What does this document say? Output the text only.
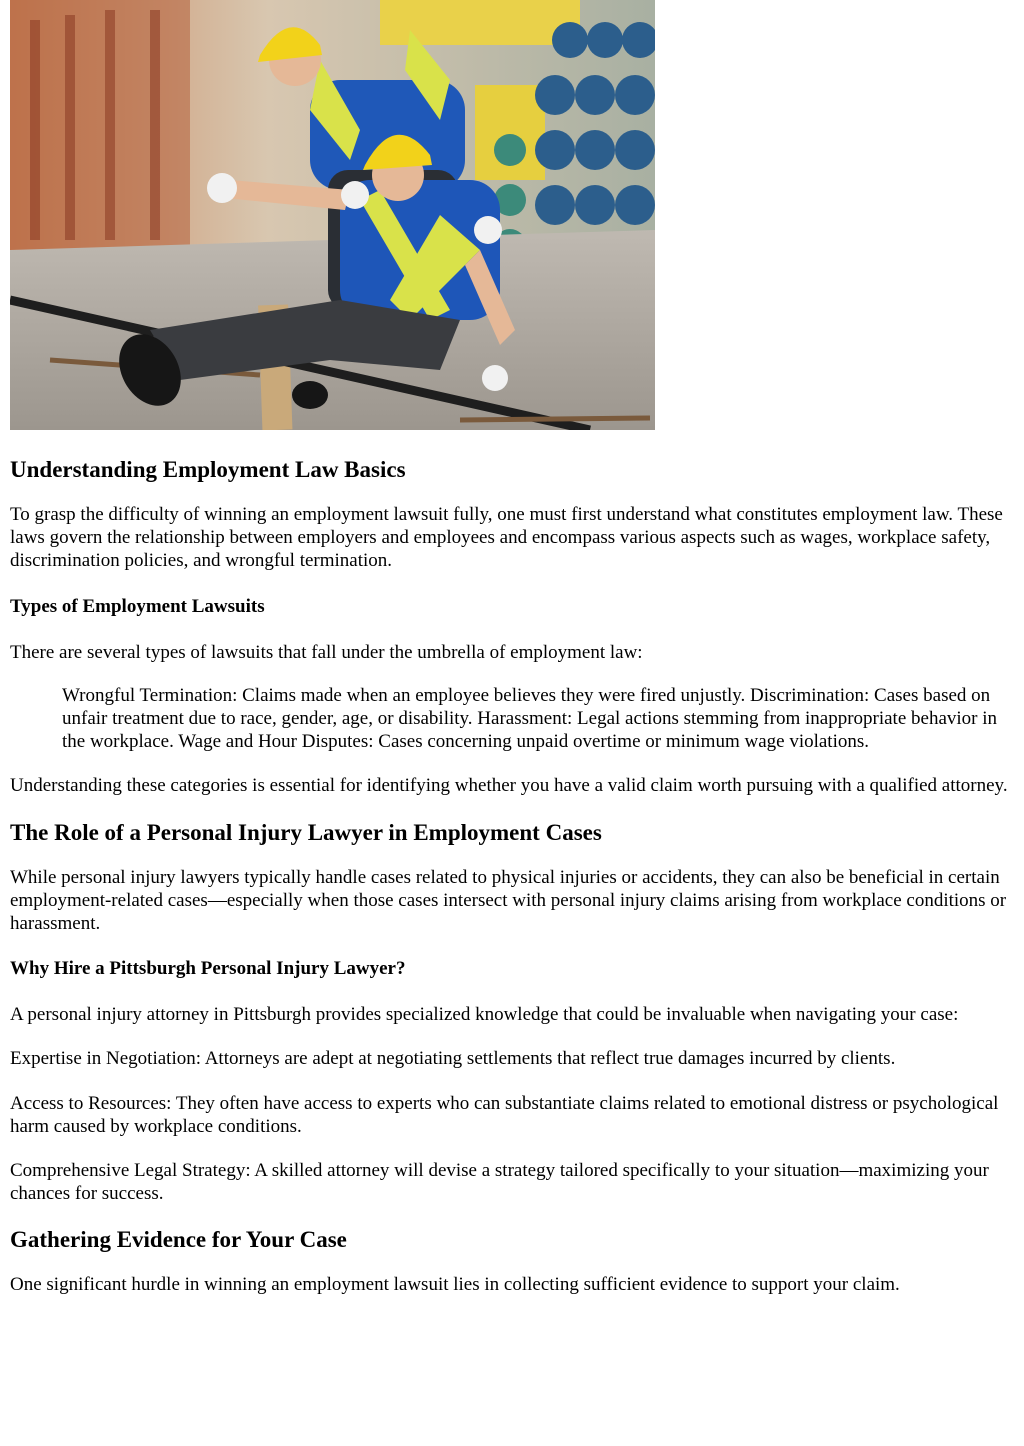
Understanding Employment Law Basics

To grasp the difficulty of winning an employment lawsuit fully, one must first understand what constitutes employment law. These laws govern the relationship between employers and employees and encompass various aspects such as wages, workplace safety, discrimination policies, and wrongful termination.

Types of Employment Lawsuits

There are several types of lawsuits that fall under the umbrella of employment law:

Wrongful Termination: Claims made when an employee believes they were fired unjustly. Discrimination: Cases based on unfair treatment due to race, gender, age, or disability. Harassment: Legal actions stemming from inappropriate behavior in the workplace. Wage and Hour Disputes: Cases concerning unpaid overtime or minimum wage violations.

Understanding these categories is essential for identifying whether you have a valid claim worth pursuing with a qualified attorney.

The Role of a Personal Injury Lawyer in Employment Cases

While personal injury lawyers typically handle cases related to physical injuries or accidents, they can also be beneficial in certain employment-related cases—especially when those cases intersect with personal injury claims arising from workplace conditions or harassment.

Why Hire a Pittsburgh Personal Injury Lawyer?

A personal injury attorney in Pittsburgh provides specialized knowledge that could be invaluable when navigating your case:

Expertise in Negotiation: Attorneys are adept at negotiating settlements that reflect true damages incurred by clients.

Access to Resources: They often have access to experts who can substantiate claims related to emotional distress or psychological harm caused by workplace conditions.

Comprehensive Legal Strategy: A skilled attorney will devise a strategy tailored specifically to your situation—maximizing your chances for success.

Gathering Evidence for Your Case

One significant hurdle in winning an employment lawsuit lies in collecting sufficient evidence to support your claim.
